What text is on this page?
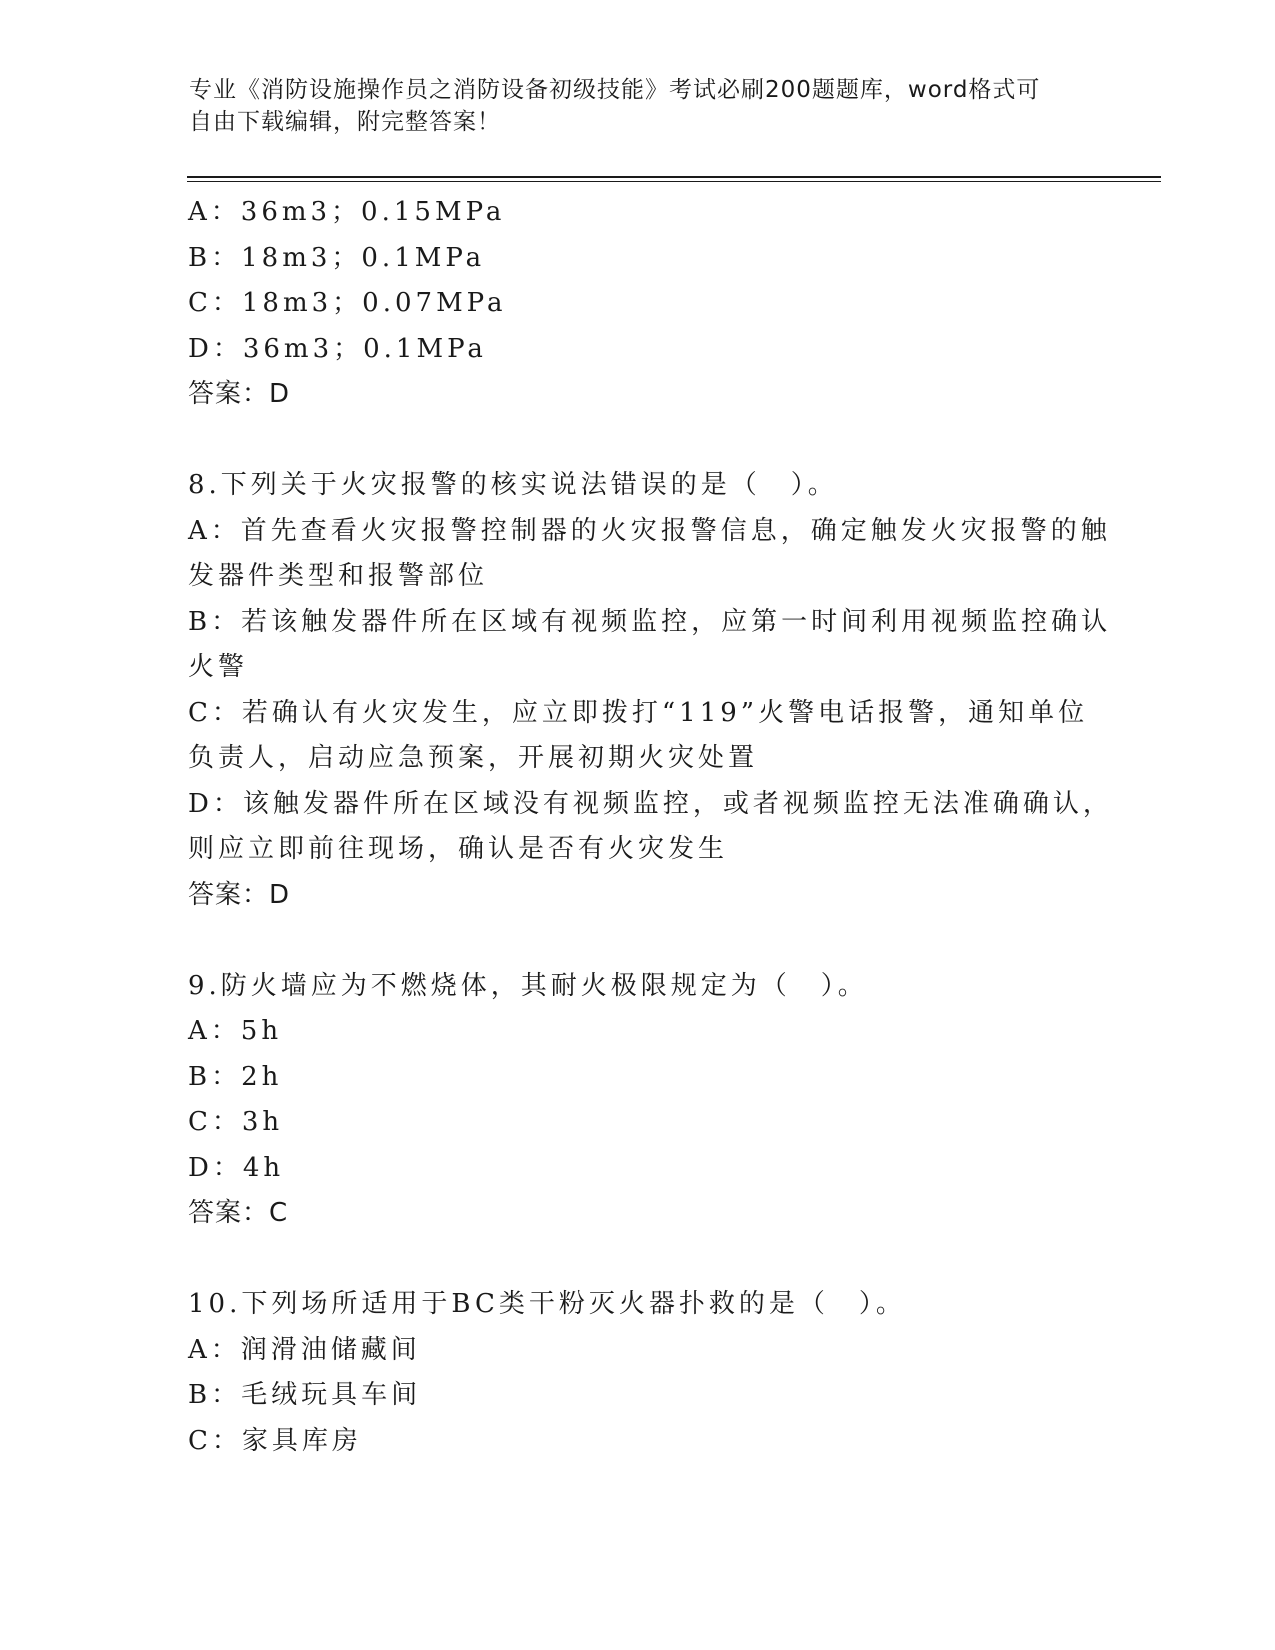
专业《消防设施操作员之消防设备初级技能》考试必刷200题题库，word格式可
自由下载编辑，附完整答案！
A：36m3；0.15MPa
B：18m3；0.1MPa
C：18m3；0.07MPa
D：36m3；0.1MPa
答案：D
8.下列关于火灾报警的核实说法错误的是（　）。
A：首先查看火灾报警控制器的火灾报警信息，确定触发火灾报警的触
发器件类型和报警部位
B：若该触发器件所在区域有视频监控，应第一时间利用视频监控确认
火警
C：若确认有火灾发生，应立即拨打“119”火警电话报警，通知单位
负责人，启动应急预案，开展初期火灾处置
D：该触发器件所在区域没有视频监控，或者视频监控无法准确确认，
则应立即前往现场，确认是否有火灾发生
答案：D
9.防火墙应为不燃烧体，其耐火极限规定为（　）。
A：5h
B：2h
C：3h
D：4h
答案：C
10.下列场所适用于BC类干粉灭火器扑救的是（　）。
A：润滑油储藏间
B：毛绒玩具车间
C：家具库房
